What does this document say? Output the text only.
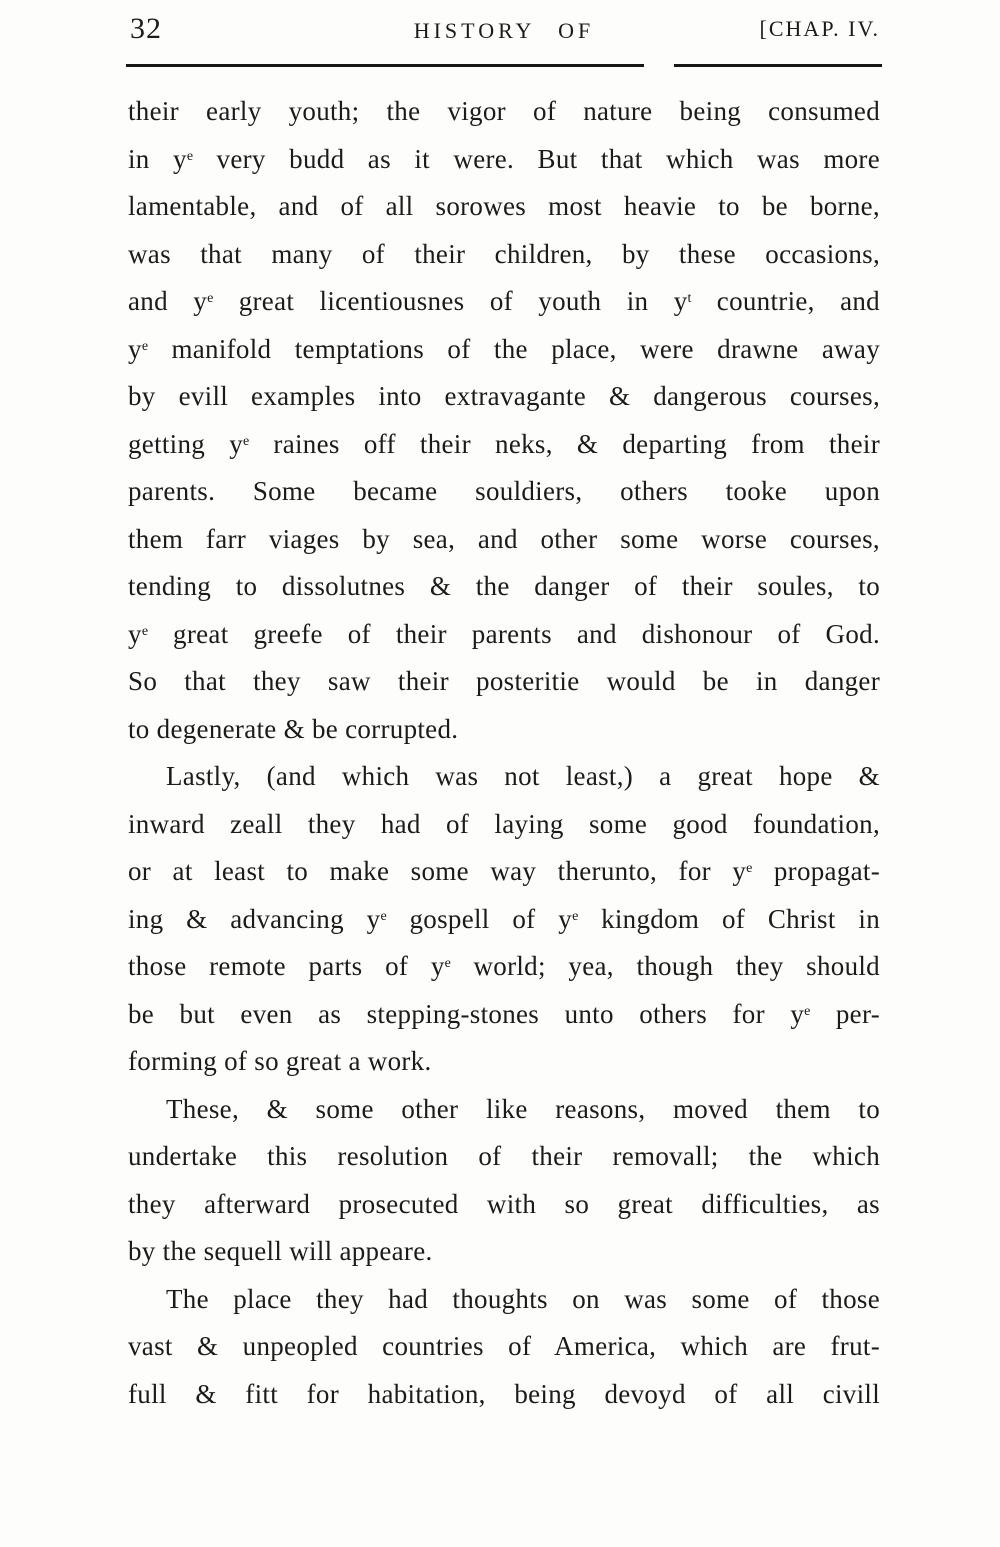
32	HISTORY OF	[CHAP. IV.
their early youth; the vigor of nature being consumed
in $y^e$ very budd as it were. But that which was more
lamentable, and of all sorowes most heavie to be borne,
was that many of their children, by these occasions,
and $y^e$ great licentiousnes of youth in $y^t$ countrie, and
$y^e$ manifold temptations of the place, were drawne away
by evill examples into extravagante & dangerous courses,
getting $y^e$ raines off their neks, & departing from their
parents. Some became souldiers, others tooke upon
them farr viages by sea, and other some worse courses,
tending to dissolutnes & the danger of their soules, to
$y^e$ great greefe of their parents and dishonour of God.
So that they saw their posteritie would be in danger
to degenerate & be corrupted.
Lastly, (and which was not least,) a great hope &
inward zeall they had of laying some good foundation,
or at least to make some way therunto, for $y^e$ propagat-
ing & advancing $y^e$ gospell of $y^e$ kingdom of Christ in
those remote parts of $y^e$ world; yea, though they should
be but even as stepping-stones unto others for $y^e$ per-
forming of so great a work.
These, & some other like reasons, moved them to
undertake this resolution of their removall; the which
they afterward prosecuted with so great difficulties, as
by the sequell will appeare.
The place they had thoughts on was some of those
vast & unpeopled countries of America, which are frut-
full & fitt for habitation, being devoyd of all civill
